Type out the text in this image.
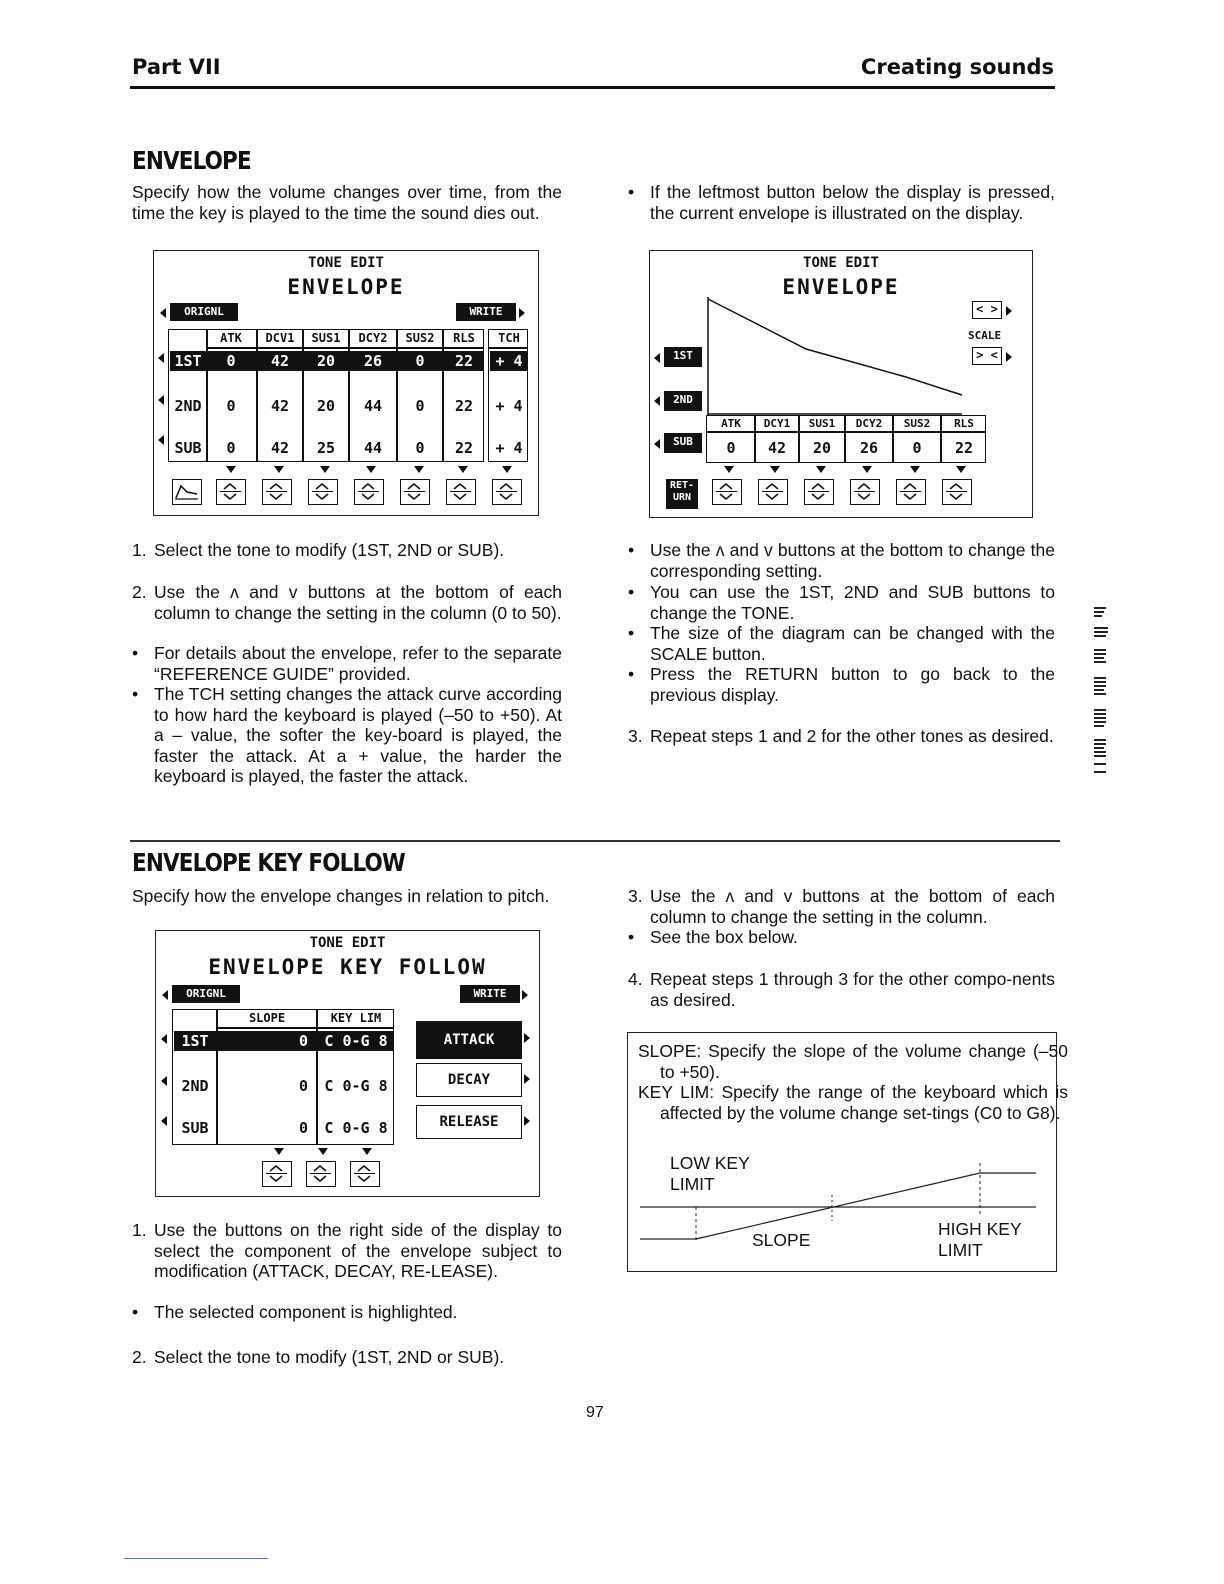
Part VII	Creating sounds
ENVELOPE
Specify how the volume changes over time, from the time the key is played to the time the sound dies out.
TONE EDIT
ENVELOPE
ORIGNL	WRITE
ATK	DCV1	SUS1	DCY2	SUS2	RLS	TCH
1ST	0	42	20	26	0	22	+ 4
2ND	0	42	20	44	0	22	+ 4
SUB	0	42	25	44	0	22	+ 4
1. Select the tone to modify (1ST, 2ND or SUB).
2. Use the ʌ and v buttons at the bottom of each column to change the setting in the column (0 to 50).
• For details about the envelope, refer to the separate “REFERENCE GUIDE” provided.
• The TCH setting changes the attack curve according to how hard the keyboard is played (–50 to +50). At a – value, the softer the key-board is played, the faster the attack. At a + value, the harder the keyboard is played, the faster the attack.
• If the leftmost button below the display is pressed, the current envelope is illustrated on the display.
TONE EDIT
ENVELOPE
< >
SCALE
> <
1ST
2ND
SUB
ATK	DCY1	SUS1	DCY2	SUS2	RLS
0	42	20	26	0	22
RET-
URN
• Use the ʌ and v buttons at the bottom to change the corresponding setting.
• You can use the 1ST, 2ND and SUB buttons to change the TONE.
• The size of the diagram can be changed with the SCALE button.
• Press the RETURN button to go back to the previous display.
3. Repeat steps 1 and 2 for the other tones as desired.
ENVELOPE KEY FOLLOW
Specify how the envelope changes in relation to pitch.
TONE EDIT
ENVELOPE KEY FOLLOW
ORIGNL	WRITE
SLOPE	KEY LIM
1ST	0	C 0-G 8
2ND	0	C 0-G 8
SUB	0	C 0-G 8
ATTACK
DECAY
RELEASE
1. Use the buttons on the right side of the display to select the component of the envelope subject to modification (ATTACK, DECAY, RE-LEASE).
• The selected component is highlighted.
2. Select the tone to modify (1ST, 2ND or SUB).
3. Use the ʌ and v buttons at the bottom of each column to change the setting in the column.
• See the box below.
4. Repeat steps 1 through 3 for the other compo-nents as desired.
SLOPE: Specify the slope of the volume change (–50 to +50).
KEY LIM: Specify the range of the keyboard which is affected by the volume change set-tings (C0 to G8).
LOW KEY
LIMIT
SLOPE
HIGH KEY
LIMIT
97
